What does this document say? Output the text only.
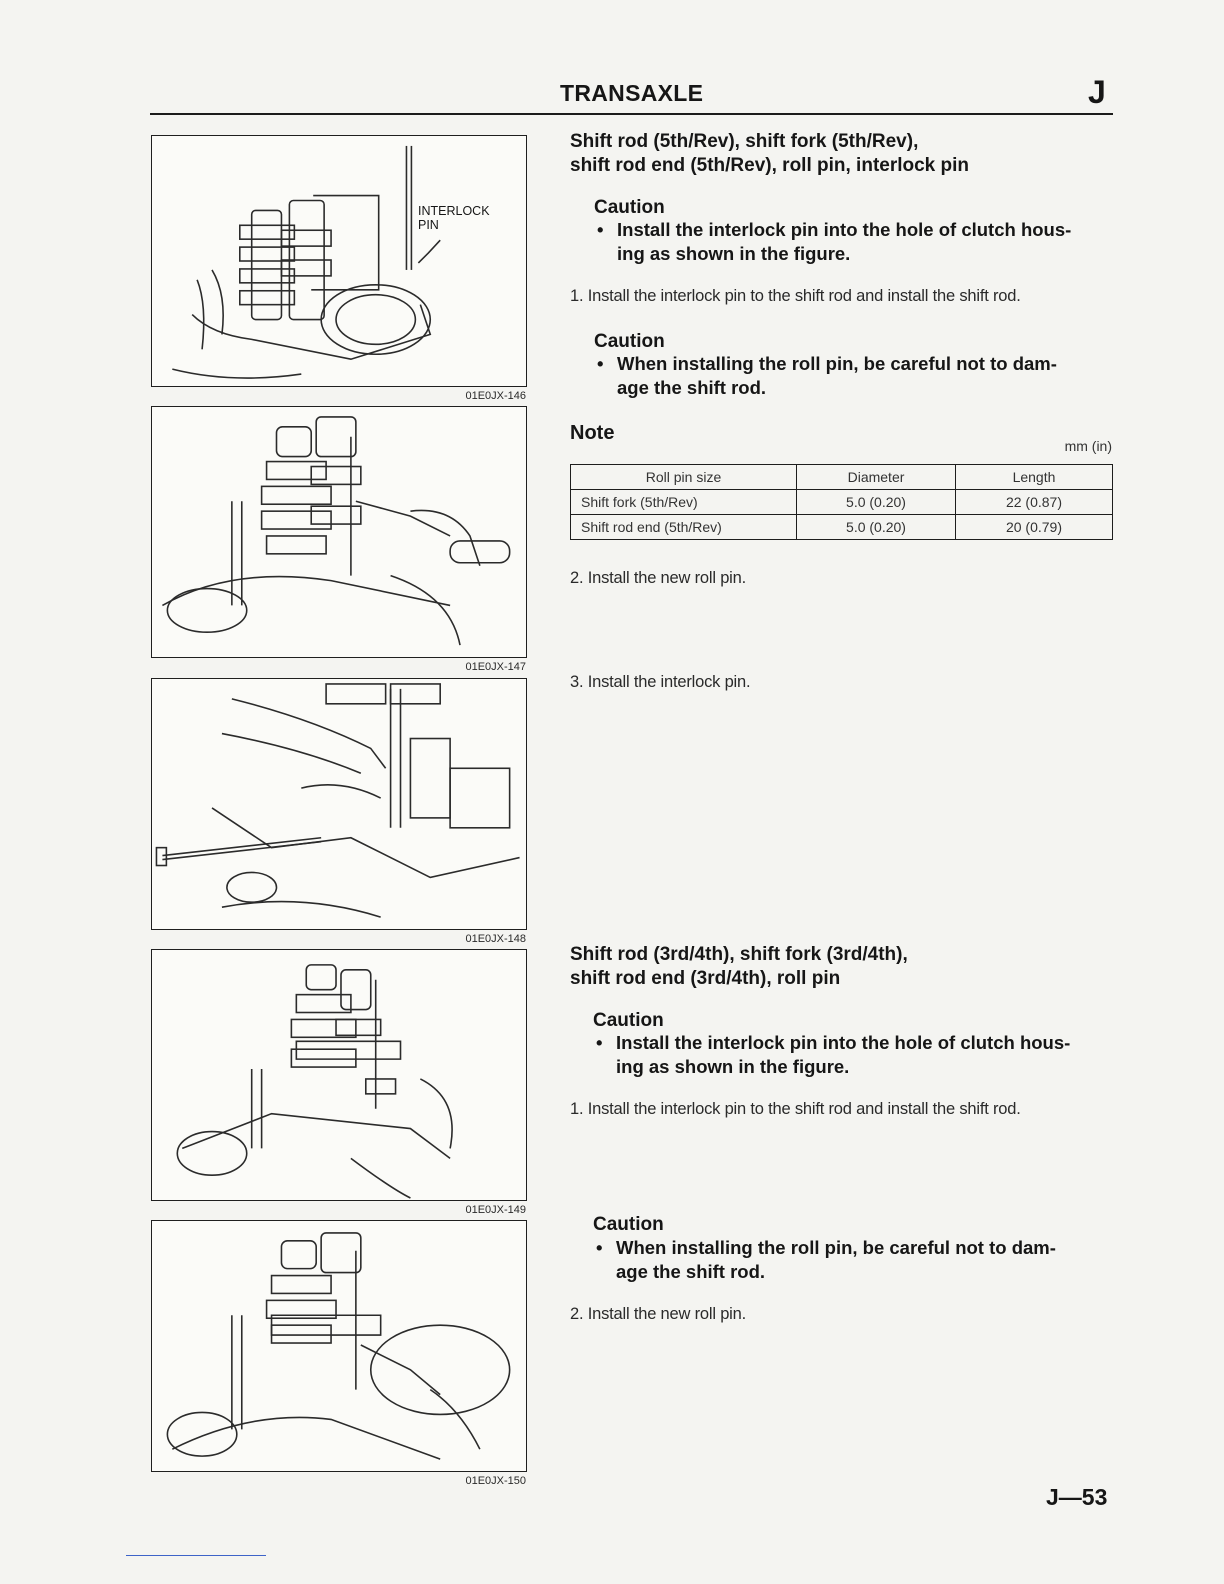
TRANSAXLE	J
INTERLOCK
PIN
01E0JX-146
01E0JX-147
01E0JX-148
01E0JX-149
01E0JX-150
Shift rod (5th/Rev), shift fork (5th/Rev),
shift rod end (5th/Rev), roll pin, interlock pin
Caution
• Install the interlock pin into the hole of clutch hous-
ing as shown in the figure.
1. Install the interlock pin to the shift rod and install the shift rod.
Caution
• When installing the roll pin, be careful not to dam-
age the shift rod.
Note
mm (in)
Roll pin size	Diameter	Length
Shift fork (5th/Rev)	5.0 (0.20)	22 (0.87)
Shift rod end (5th/Rev)	5.0 (0.20)	20 (0.79)
2. Install the new roll pin.
3. Install the interlock pin.
Shift rod (3rd/4th), shift fork (3rd/4th),
shift rod end (3rd/4th), roll pin
Caution
• Install the interlock pin into the hole of clutch hous-
ing as shown in the figure.
1. Install the interlock pin to the shift rod and install the shift rod.
Caution
• When installing the roll pin, be careful not to dam-
age the shift rod.
2. Install the new roll pin.
J—53
